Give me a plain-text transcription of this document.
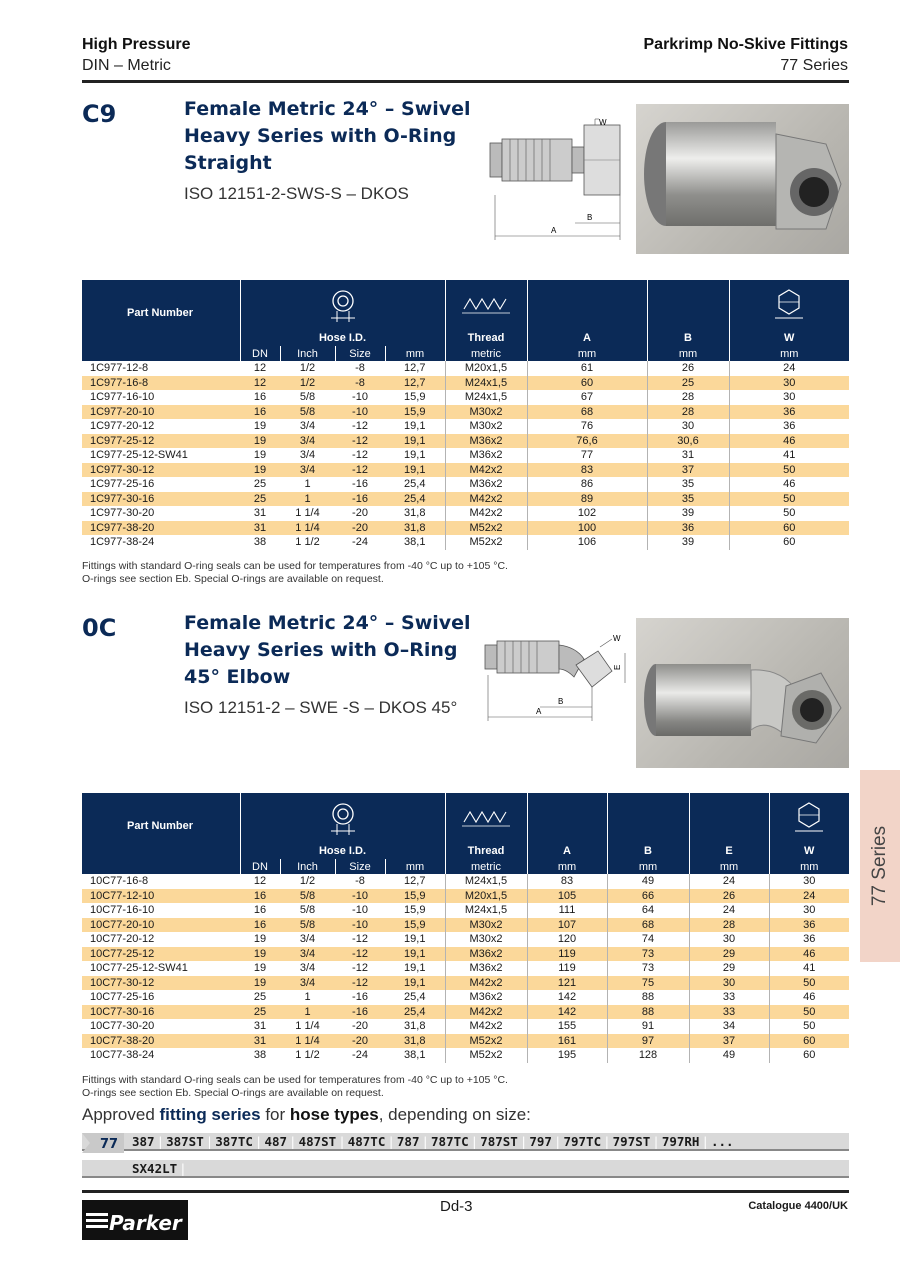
High Pressure
DIN – Metric
Parkrimp No-Skive Fittings
77 Series
C9	Female Metric 24° – Swivel
Heavy Series with O-Ring
Straight
ISO 12151-2-SWS-S – DKOS
W
B
A
Part Number					
	Hose I.D.				Thread	A	B	W
	DN	Inch	Size	mm	metric	mm	mm	mm
1C977-12-8	12	1/2	-8	12,7	M20x1,5	61	26	24
1C977-16-8	12	1/2	-8	12,7	M24x1,5	60	25	30
1C977-16-10	16	5/8	-10	15,9	M24x1,5	67	28	30
1C977-20-10	16	5/8	-10	15,9	M30x2	68	28	36
1C977-20-12	19	3/4	-12	19,1	M30x2	76	30	36
1C977-25-12	19	3/4	-12	19,1	M36x2	76,6	30,6	46
1C977-25-12-SW41	19	3/4	-12	19,1	M36x2	77	31	41
1C977-30-12	19	3/4	-12	19,1	M42x2	83	37	50
1C977-25-16	25	1	-16	25,4	M36x2	86	35	46
1C977-30-16	25	1	-16	25,4	M42x2	89	35	50
1C977-30-20	31	1 1/4	-20	31,8	M42x2	102	39	50
1C977-38-20	31	1 1/4	-20	31,8	M52x2	100	36	60
1C977-38-24	38	1 1/2	-24	38,1	M52x2	106	39	60
Fittings with standard O-ring seals can be used for temperatures from -40 °C up to +105 °C.
O-rings see section Eb. Special O-rings are available on request.
0C	Female Metric 24° – Swivel
Heavy Series with O–Ring
45° Elbow
ISO 12151-2 – SWE -S – DKOS 45°
W
E
B
A
Part Number						
	Hose I.D.				Thread	A	B	E	W
	DN	Inch	Size	mm	metric	mm	mm	mm	mm
10C77-16-8	12	1/2	-8	12,7	M24x1,5	83	49	24	30
10C77-12-10	16	5/8	-10	15,9	M20x1,5	105	66	26	24
10C77-16-10	16	5/8	-10	15,9	M24x1,5	111	64	24	30
10C77-20-10	16	5/8	-10	15,9	M30x2	107	68	28	36
10C77-20-12	19	3/4	-12	19,1	M30x2	120	74	30	36
10C77-25-12	19	3/4	-12	19,1	M36x2	119	73	29	46
10C77-25-12-SW41	19	3/4	-12	19,1	M36x2	119	73	29	41
10C77-30-12	19	3/4	-12	19,1	M42x2	121	75	30	50
10C77-25-16	25	1	-16	25,4	M36x2	142	88	33	46
10C77-30-16	25	1	-16	25,4	M42x2	142	88	33	50
10C77-30-20	31	1 1/4	-20	31,8	M42x2	155	91	34	50
10C77-38-20	31	1 1/4	-20	31,8	M52x2	161	97	37	60
10C77-38-24	38	1 1/2	-24	38,1	M52x2	195	128	49	60
Fittings with standard O-ring seals can be used for temperatures from -40 °C up to +105 °C.
O-rings see section Eb. Special O-rings are available on request.
Approved fitting series for hose types, depending on size:
387 | 387ST | 387TC | 487 | 487ST | 487TC | 787 | 787TC | 787ST | 797 | 797TC | 797ST | 797RH | ...
SX42LT |
77
77 Series
Dd-3	Catalogue 4400/UK
Parker
